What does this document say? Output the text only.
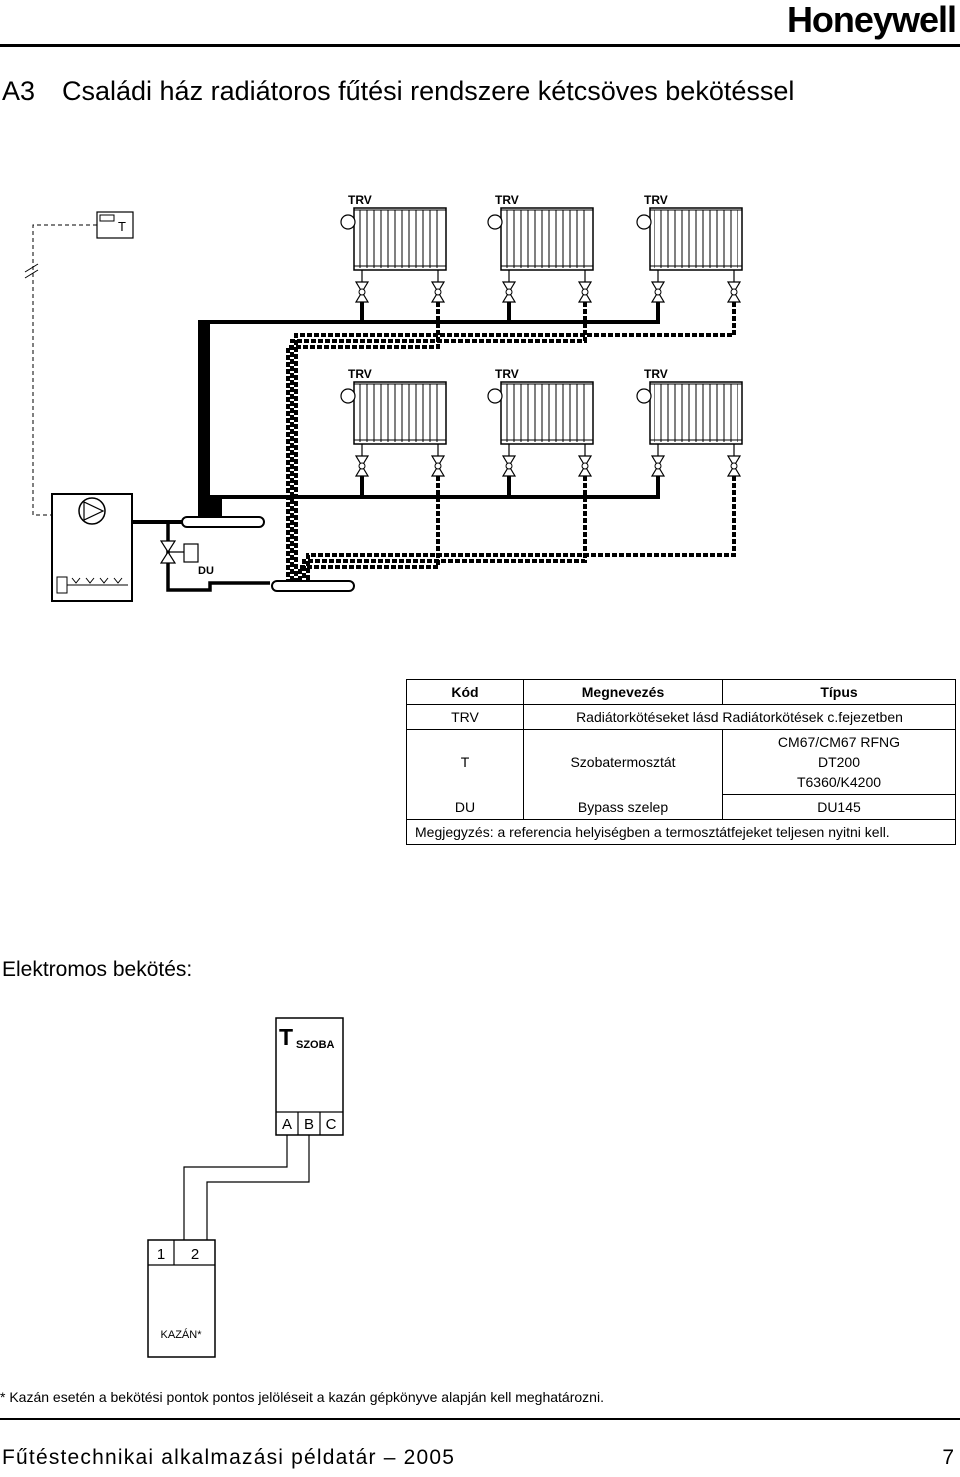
Honeywell
A3 Családi ház radiátoros fűtési rendszere kétcsöves bekötéssel
TRV	TRV	TRV
TRV	TRV	TRV
T
DU
Kód	Megnevezés	Típus
TRV	Radiátorkötéseket lásd Radiátorkötések c.fejezetben	
T	Szobatermosztát	CM67/CM67 RFNG
DT200
T6360/K4200

DU	Bypass szelep	DU145
Megjegyzés: a referencia helyiségben a termosztátfejeket teljesen nyitni kell.		
Elektromos bekötés:
T SZOBA
A B C
1 2
KAZÁN*
* Kazán esetén a bekötési pontok pontos jelöléseit a kazán gépkönyve alapján kell meghatározni.
Fűtéstechnikai alkalmazási példatár – 2005	7
